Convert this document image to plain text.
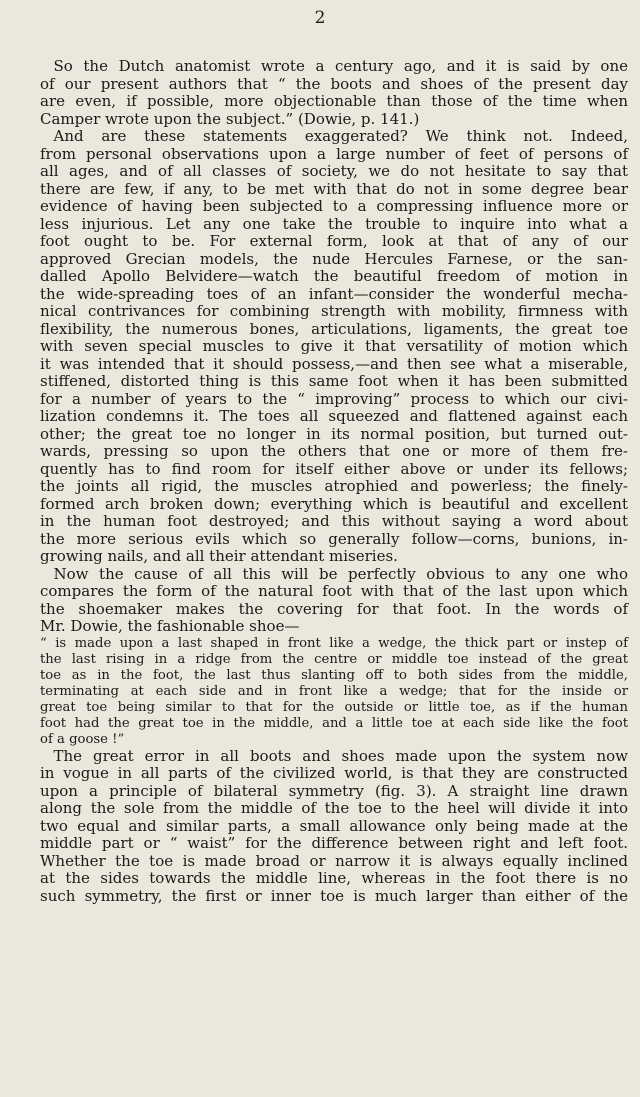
2
So the Dutch anatomist wrote a century ago, and it is said by one
of our present authors that “ the boots and shoes of the present day
are even, if possible, more objectionable than those of the time when
Camper wrote upon the subject.” (Dowie, p. 141.)
And are these statements exaggerated? We think not. Indeed,
from personal observations upon a large number of feet of persons of
all ages, and of all classes of society, we do not hesitate to say that
there are few, if any, to be met with that do not in some degree bear
evidence of having been subjected to a compressing influence more or
less injurious. Let any one take the trouble to inquire into what a
foot ought to be. For external form, look at that of any of our
approved Grecian models, the nude Hercules Farnese, or the san-
dalled Apollo Belvidere—watch the beautiful freedom of motion in
the wide-spreading toes of an infant—consider the wonderful mecha-
nical contrivances for combining strength with mobility, firmness with
flexibility, the numerous bones, articulations, ligaments, the great toe
with seven special muscles to give it that versatility of motion which
it was intended that it should possess,—and then see what a miserable,
stiffened, distorted thing is this same foot when it has been submitted
for a number of years to the “ improving” process to which our civi-
lization condemns it. The toes all squeezed and flattened against each
other; the great toe no longer in its normal position, but turned out-
wards, pressing so upon the others that one or more of them fre-
quently has to find room for itself either above or under its fellows;
the joints all rigid, the muscles atrophied and powerless; the finely-
formed arch broken down; everything which is beautiful and excellent
in the human foot destroyed; and this without saying a word about
the more serious evils which so generally follow—corns, bunions, in-
growing nails, and all their attendant miseries.
Now the cause of all this will be perfectly obvious to any one who
compares the form of the natural foot with that of the last upon which
the shoemaker makes the covering for that foot. In the words of
Mr. Dowie, the fashionable shoe—
“ is made upon a last shaped in front like a wedge, the thick part or instep of
the last rising in a ridge from the centre or middle toe instead of the great
toe as in the foot, the last thus slanting off to both sides from the middle,
terminating at each side and in front like a wedge; that for the inside or
great toe being similar to that for the outside or little toe, as if the human
foot had the great toe in the middle, and a little toe at each side like the foot
of a goose !”
The great error in all boots and shoes made upon the system now
in vogue in all parts of the civilized world, is that they are constructed
upon a principle of bilateral symmetry (fig. 3). A straight line drawn
along the sole from the middle of the toe to the heel will divide it into
two equal and similar parts, a small allowance only being made at the
middle part or “ waist” for the difference between right and left foot.
Whether the toe is made broad or narrow it is always equally inclined
at the sides towards the middle line, whereas in the foot there is no
such symmetry, the first or inner toe is much larger than either of the
